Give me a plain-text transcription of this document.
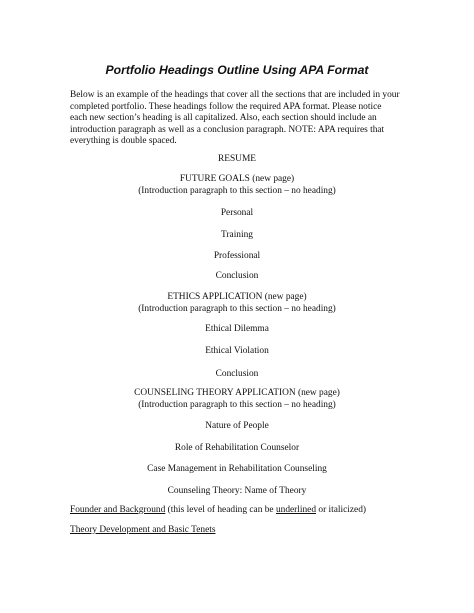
Portfolio Headings Outline Using APA Format
Below is an example of the headings that cover all the sections that are included in your
completed portfolio. These headings follow the required APA format. Please notice
each new section’s heading is all capitalized. Also, each section should include an
introduction paragraph as well as a conclusion paragraph. NOTE: APA requires that
everything is double spaced.
RESUME
FUTURE GOALS (new page)
(Introduction paragraph to this section – no heading)
Personal
Training
Professional
Conclusion
ETHICS APPLICATION (new page)
(Introduction paragraph to this section – no heading)
Ethical Dilemma
Ethical Violation
Conclusion
COUNSELING THEORY APPLICATION (new page)
(Introduction paragraph to this section – no heading)
Nature of People
Role of Rehabilitation Counselor
Case Management in Rehabilitation Counseling
Counseling Theory: Name of Theory
Founder and Background (this level of heading can be underlined or italicized)
Theory Development and Basic Tenets
